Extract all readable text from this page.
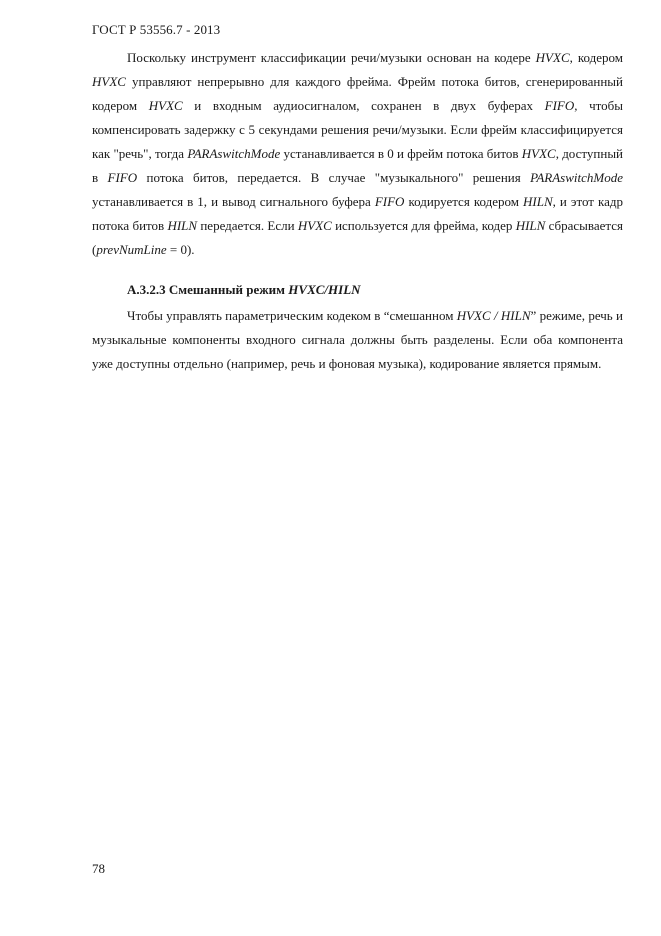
ГОСТ Р 53556.7 - 2013

Поскольку инструмент классификации речи/музыки основан на кодере HVXC, кодером HVXC управляют непрерывно для каждого фрейма. Фрейм потока битов, сгенерированный кодером HVXC и входным аудиосигналом, сохранен в двух буферах FIFO, чтобы компенсировать задержку с 5 секундами решения речи/музыки. Если фрейм классифицируется как "речь", тогда PARAswitchMode устанавливается в 0 и фрейм потока битов HVXC, доступный в FIFO потока битов, передается. В случае "музыкального" решения PARAswitchMode устанавливается в 1, и вывод сигнального буфера FIFO кодируется кодером HILN, и этот кадр потока битов HILN передается. Если HVXC используется для фрейма, кодер HILN сбрасывается (prevNumLine = 0).

А.3.2.3 Смешанный режим HVXC/HILN

Чтобы управлять параметрическим кодеком в “смешанном HVXC / HILN” режиме, речь и музыкальные компоненты входного сигнала должны быть разделены. Если оба компонента уже доступны отдельно (например, речь и фоновая музыка), кодирование является прямым.

78
